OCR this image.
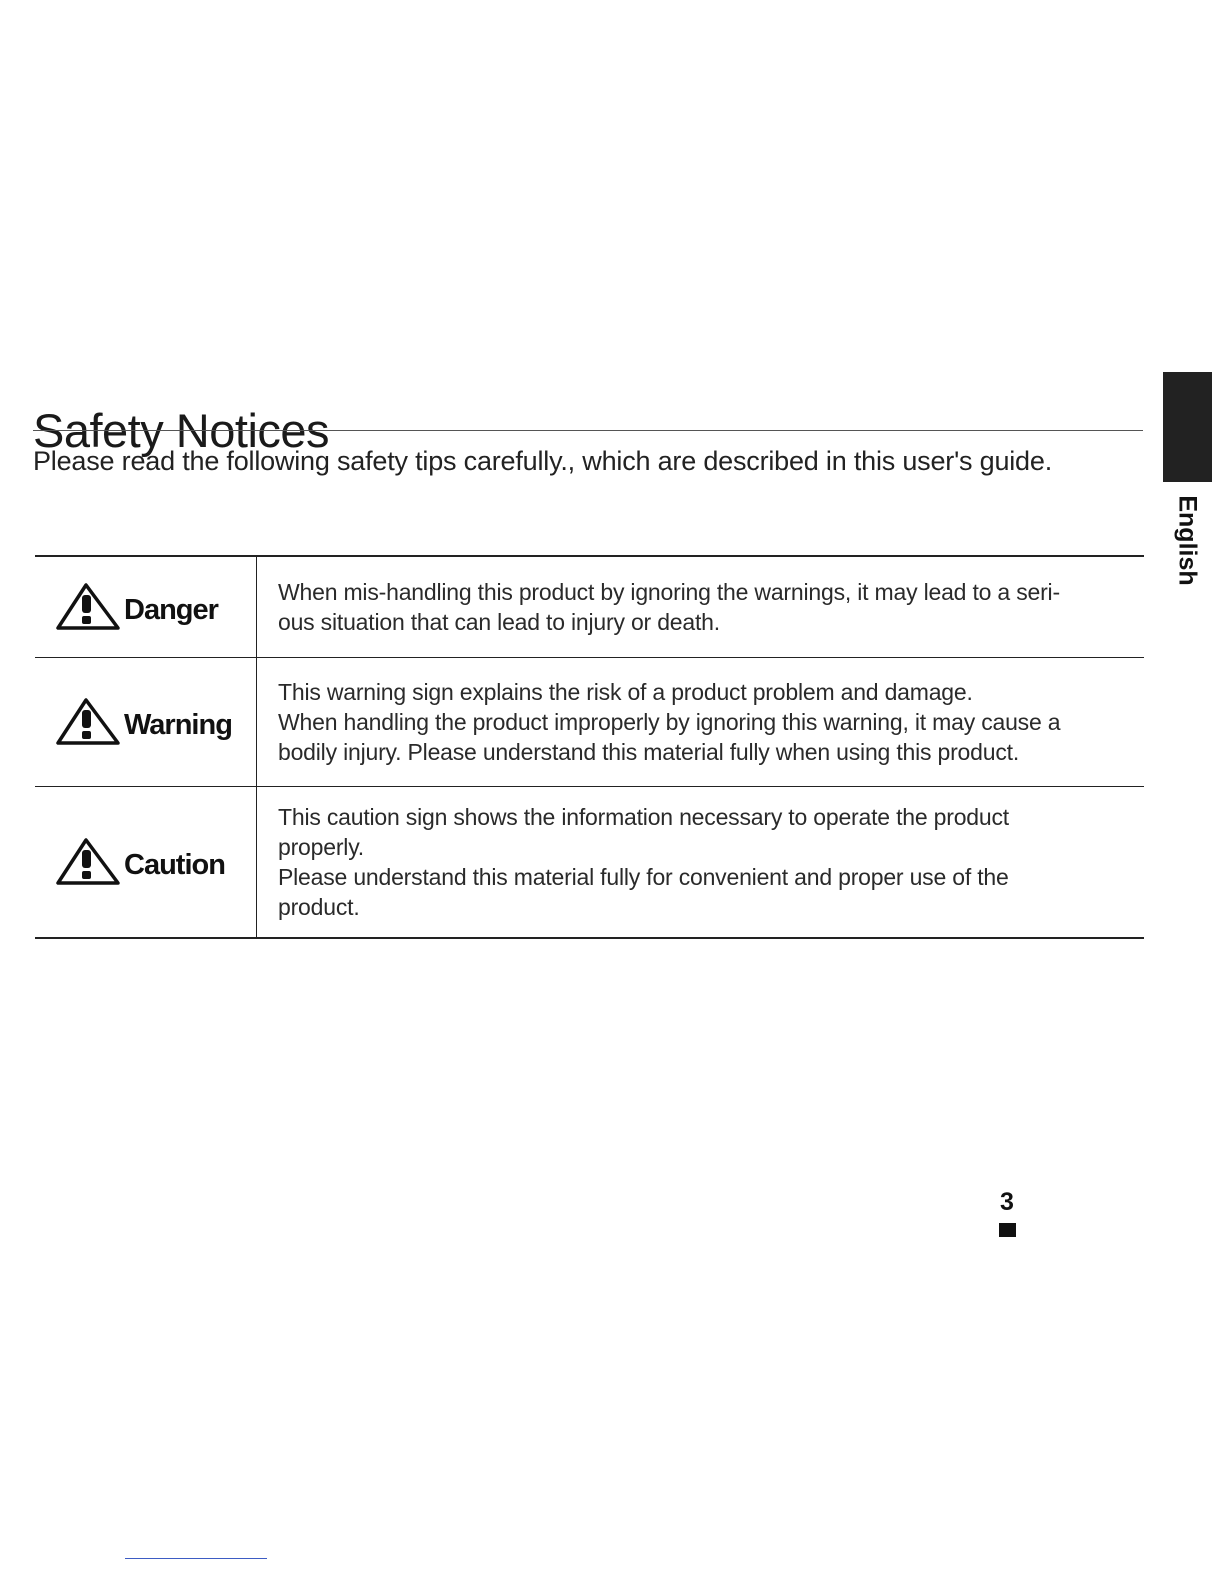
Safety Notices
Please read the following safety tips carefully., which are described in this user's guide.
English
Danger	When mis-handling this product by ignoring the warnings, it may lead to a seri-

ous situation that can lead to injury or death.

Warning	This warning sign explains the risk of a product problem and damage.

When handling the product improperly by ignoring this warning, it may cause a

bodily injury. Please understand this material fully when using this product.

Caution	This caution sign shows the information necessary to operate the product

properly.

Please understand this material fully for convenient and proper use of the

product.

3
